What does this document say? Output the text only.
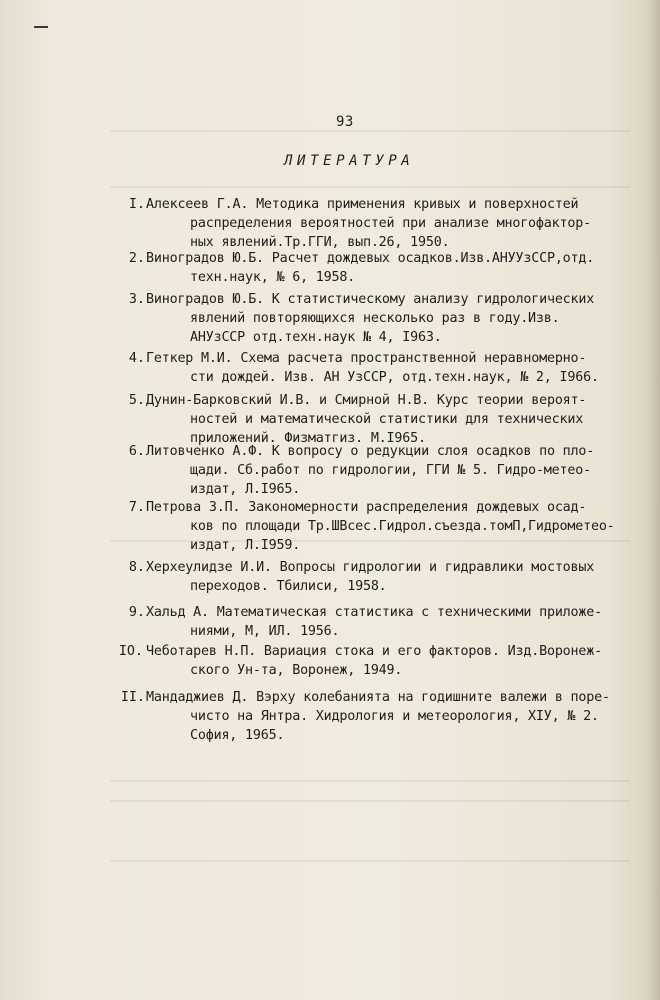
93
ЛИТЕРАТУРА
I. Алексеев Г.А. Методика применения кривых и поверхностей
распределения вероятностей при анализе многофактор-
ных явлений.Тр.ГГИ, вып.26, 1950.
2. Виноградов Ю.Б. Расчет дождевых осадков.Изв.АНУУзССР,отд.
техн.наук, № 6, 1958.
3. Виноградов Ю.Б. К статистическому анализу гидрологических
явлений повторяющихся несколько раз в году.Изв.
АНУзССР отд.техн.наук № 4, I963.
4. Геткер М.И. Схема расчета пространственной неравномерно-
сти дождей. Изв. АН УзССР, отд.техн.наук, № 2, I966.
5. Дунин-Барковский И.В. и Смирной Н.В. Курс теории вероят-
ностей и математической статистики для технических
приложений. Физматгиз. М.I965.
6. Литовченко А.Ф. К вопросу о редукции слоя осадков по пло-
щади. Сб.работ по гидрологии, ГГИ № 5. Гидро-метео-
издат, Л.I965.
7. Петрова З.П. Закономерности распределения дождевых осад-
ков по площади Тр.ШВсес.Гидрол.съезда.томП,Гидрометео-
издат, Л.I959.
8. Херхеулидзе И.И. Вопросы гидрологии и гидравлики мостовых
переходов. Тбилиси, 1958.
9. Хальд А. Математическая статистика с техническими приложе-
ниями, М, ИЛ. 1956.
IO. Чеботарев Н.П. Вариация стока и его факторов. Изд.Воронеж-
ского Ун-та, Воронеж, 1949.
II. Мандаджиев Д. Вэрху колебанията на годишните валежи в поре-
чисто на Янтра. Хидрология и метеорология, XIУ, № 2.
София, 1965.
